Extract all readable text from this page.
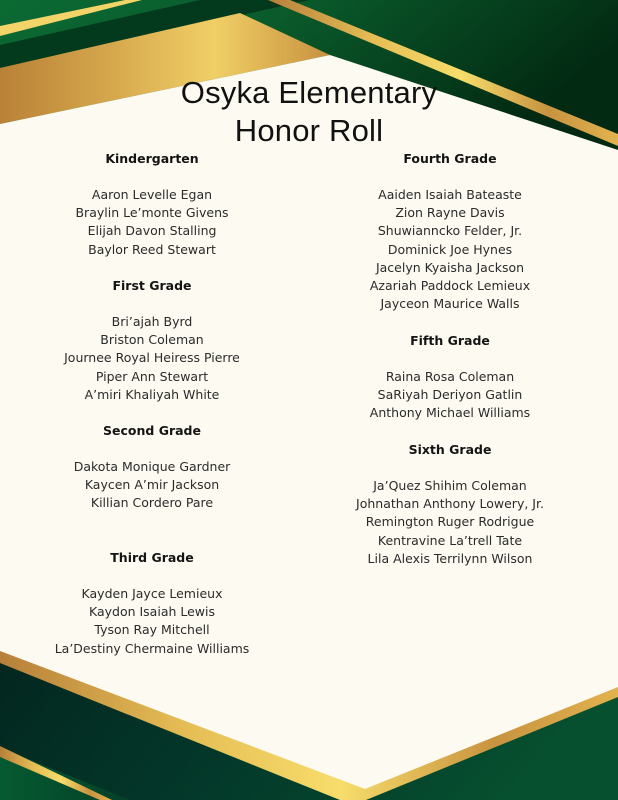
Osyka Elementary
Honor Roll
Kindergarten
Aaron Levelle Egan
Braylin Le’monte Givens
Elijah Davon Stalling
Baylor Reed Stewart
First Grade
Bri’ajah Byrd
Briston Coleman
Journee Royal Heiress Pierre
Piper Ann Stewart
A’miri Khaliyah White
Second Grade
Dakota Monique Gardner
Kaycen A’mir Jackson
Killian Cordero Pare
Third Grade
Kayden Jayce Lemieux
Kaydon Isaiah Lewis
Tyson Ray Mitchell
La’Destiny Chermaine Williams
Fourth Grade
Aaiden Isaiah Bateaste
Zion Rayne Davis
Shuwianncko Felder, Jr.
Dominick Joe Hynes
Jacelyn Kyaisha Jackson
Azariah Paddock Lemieux
Jayceon Maurice Walls
Fifth Grade
Raina Rosa Coleman
SaRiyah Deriyon Gatlin
Anthony Michael Williams
Sixth Grade
Ja’Quez Shihim Coleman
Johnathan Anthony Lowery, Jr.
Remington Ruger Rodrigue
Kentravine La’trell Tate
Lila Alexis Terrilynn Wilson
